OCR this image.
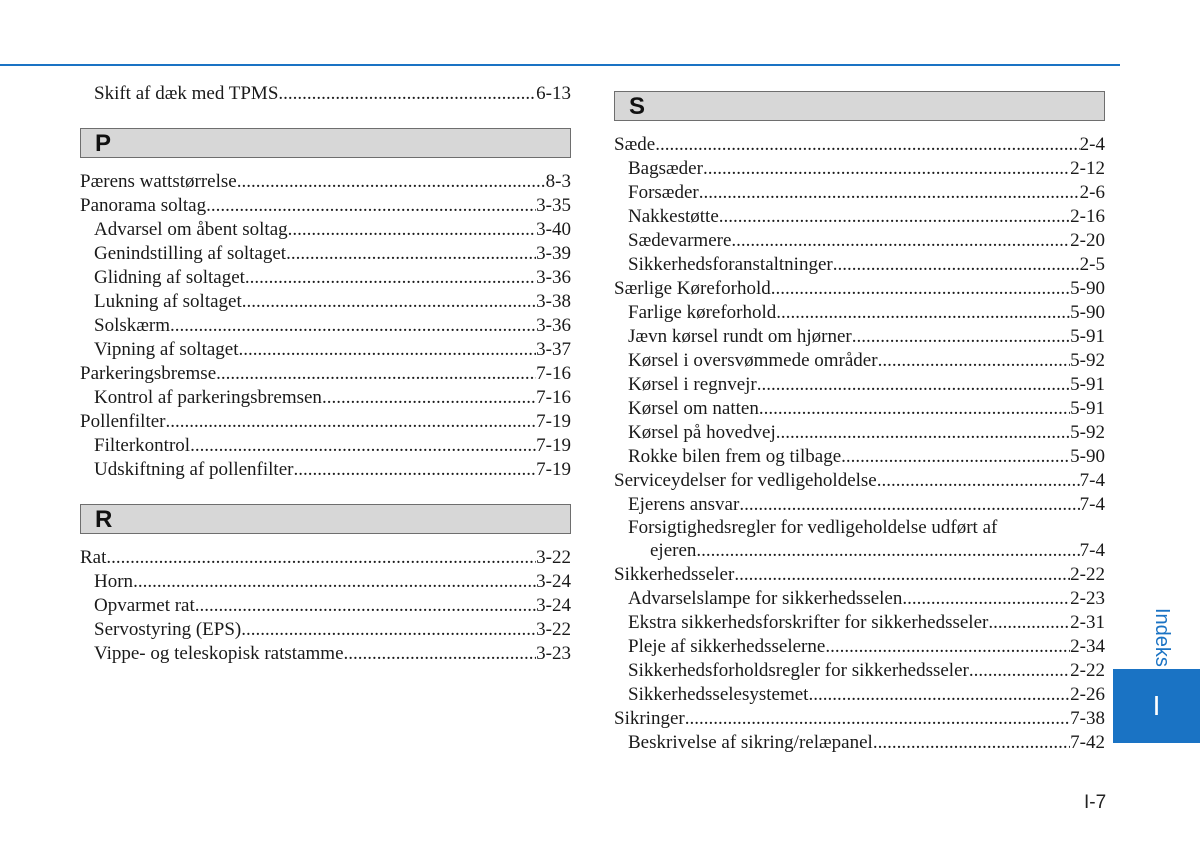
Skift af dæk med TPMS .....	6-13
P
Pærens wattstørrelse .....	8-3
Panorama soltag .....	3-35
Advarsel om åbent soltag .....	3-40
Genindstilling af soltaget .....	3-39
Glidning af soltaget .....	3-36
Lukning af soltaget .....	3-38
Solskærm .....	3-36
Vipning af soltaget .....	3-37
Parkeringsbremse .....	7-16
Kontrol af parkeringsbremsen .....	7-16
Pollenfilter .....	7-19
Filterkontrol .....	7-19
Udskiftning af pollenfilter .....	7-19
R
Rat .....	3-22
Horn .....	3-24
Opvarmet rat .....	3-24
Servostyring (EPS) .....	3-22
Vippe- og teleskopisk ratstamme .....	3-23
S
Sæde .....	2-4
Bagsæder .....	2-12
Forsæder .....	2-6
Nakkestøtte .....	2-16
Sædevarmere .....	2-20
Sikkerhedsforanstaltninger .....	2-5
Særlige Køreforhold .....	5-90
Farlige køreforhold .....	5-90
Jævn kørsel rundt om hjørner .....	5-91
Kørsel i oversvømmede områder .....	5-92
Kørsel i regnvejr .....	5-91
Kørsel om natten .....	5-91
Kørsel på hovedvej .....	5-92
Rokke bilen frem og tilbage .....	5-90
Serviceydelser for vedligeholdelse .....	7-4
Ejerens ansvar .....	7-4
Forsigtighedsregler for vedligeholdelse udført af
ejeren .....	7-4
Sikkerhedsseler .....	2-22
Advarselslampe for sikkerhedsselen .....	2-23
Ekstra sikkerhedsforskrifter for sikkerhedsseler .....	2-31
Pleje af sikkerhedsselerne .....	2-34
Sikkerhedsforholdsregler for sikkerhedsseler .....	2-22
Sikkerhedsselesystemet .....	2-26
Sikringer .....	7-38
Beskrivelse af sikring/relæpanel .....	7-42
Indeks
I
I-7
